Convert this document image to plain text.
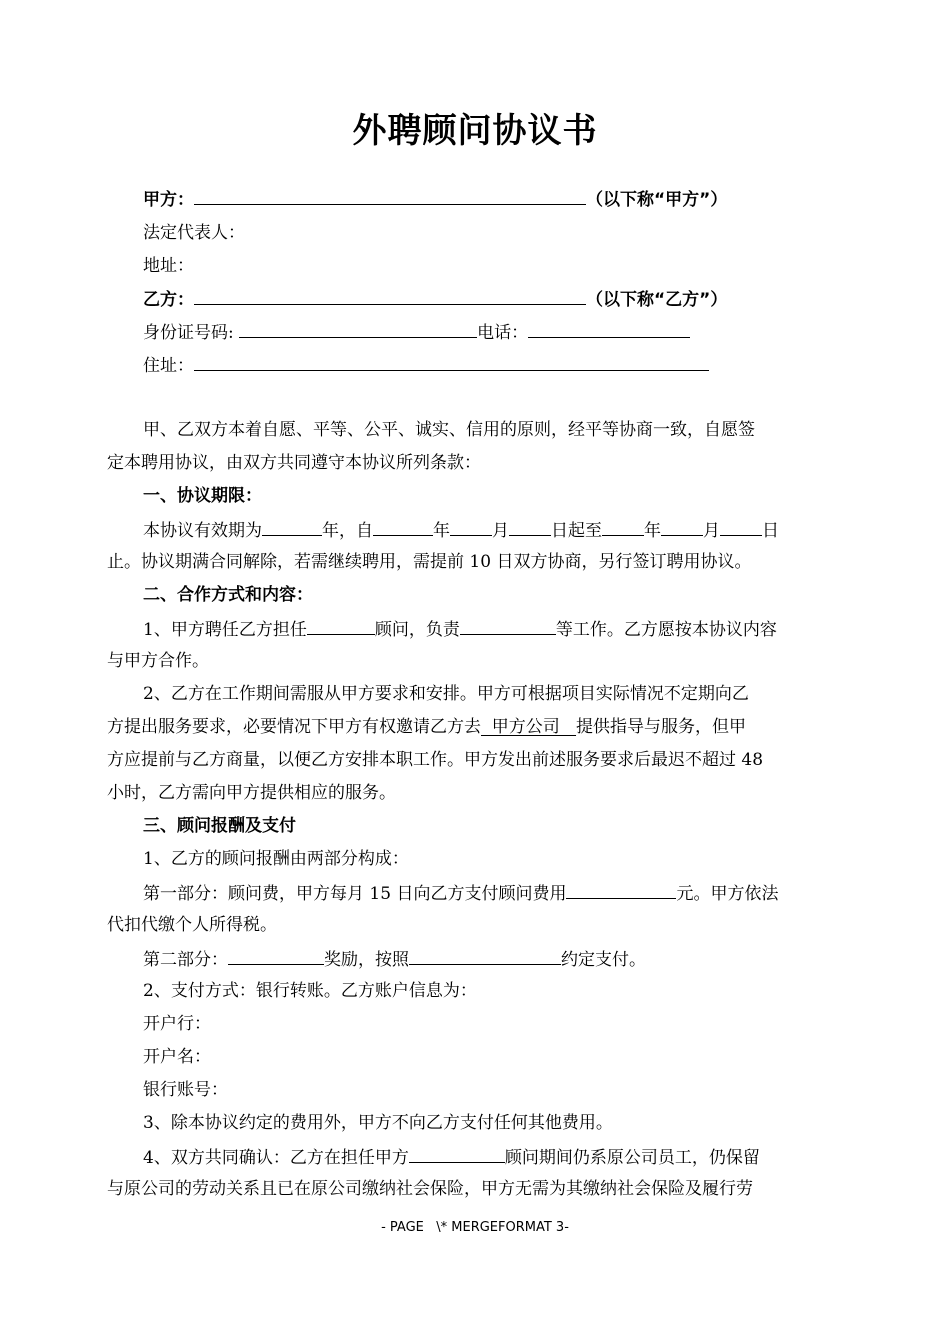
外聘顾问协议书
甲方：	（以下称“甲方”）
法定代表人：
地址：
乙方：	（以下称“乙方”）
身份证号码:	电话：
住址：
甲、乙双方本着自愿、平等、公平、诚实、信用的原则，经平等协商一致，自愿签
定本聘用协议，由双方共同遵守本协议所列条款：
一、协议期限：
本协议有效期为	年，自	年 月 日起至 年 月 日
止。协议期满合同解除，若需继续聘用，需提前 10 日双方协商，另行签订聘用协议。
二、合作方式和内容：
1、甲方聘任乙方担任	顾问，负责	等工作。乙方愿按本协议内容
与甲方合作。
2、乙方在工作期间需服从甲方要求和安排。甲方可根据项目实际情况不定期向乙
方提出服务要求，必要情况下甲方有权邀请乙方去  甲方公司   提供指导与服务，但甲
方应提前与乙方商量，以便乙方安排本职工作。甲方发出前述服务要求后最迟不超过 48
小时，乙方需向甲方提供相应的服务。
三、顾问报酬及支付
1、乙方的顾问报酬由两部分构成：
第一部分：顾问费，甲方每月 15 日向乙方支付顾问费用	元。甲方依法
代扣代缴个人所得税。
第二部分：	奖励，按照	约定支付。
2、支付方式：银行转账。乙方账户信息为：
开户行：
开户名：
银行账号：
3、除本协议约定的费用外，甲方不向乙方支付任何其他费用。
4、双方共同确认：乙方在担任甲方	顾问期间仍系原公司员工，仍保留
与原公司的劳动关系且已在原公司缴纳社会保险，甲方无需为其缴纳社会保险及履行劳
- PAGE   \* MERGEFORMAT 3-
